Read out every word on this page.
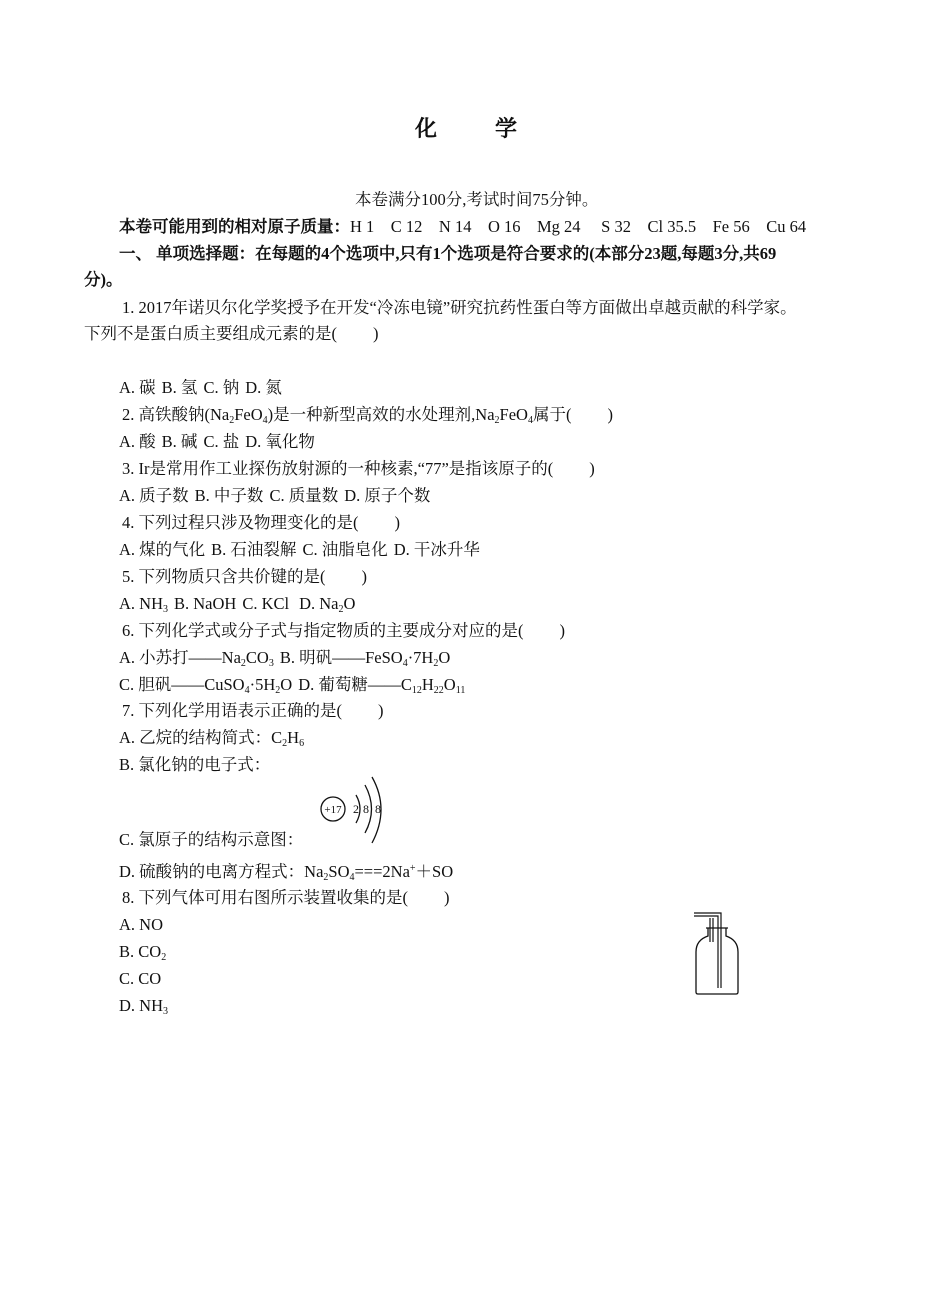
化　学
本卷满分100分,考试时间75分钟。
本卷可能用到的相对原子质量：H 1　C 12　N 14　O 16　Mg 24　 S 32　Cl 35.5　Fe 56　Cu 64
一、 单项选择题：在每题的4个选项中,只有1个选项是符合要求的(本部分23题,每题3分,共69
分)。
1. 2017年诺贝尔化学奖授予在开发“冷冻电镜”研究抗药性蛋白等方面做出卓越贡献的科学家。
下列不是蛋白质主要组成元素的是( )
A. 碳 B. 氢 C. 钠 D. 氮
2. 高铁酸钠$(Na_2FeO_4)$是一种新型高效的水处理剂$,Na_2FeO_4$属于( )
A. 酸 B. 碱 C. 盐 D. 氧化物
3. Ir是常用作工业探伤放射源的一种核素,“77”是指该原子的( )
A. 质子数 B. 中子数 C. 质量数 D. 原子个数
4. 下列过程只涉及物理变化的是( )
A. 煤的气化 B. 石油裂解 C. 油脂皂化 D. 干冰升华
5. 下列物质只含共价键的是( )
A. $NH_3$ B. NaOH C. KCl D. $Na_2O$
6. 下列化学式或分子式与指定物质的主要成分对应的是( )
A. 小苏打$——Na_2CO_3$ B. 明矾$——FeSO_4\cdot 7H_2O$
C. 胆矾$——CuSO_4\cdot 5H_2O$ D. 葡萄糖$——C_{12}H_{22}O_{11}$
7. 下列化学用语表示正确的是( )
A. 乙烷的结构简式：$C_2H_6$
B. 氯化钠的电子式：
+17 2 8 8
C. 氯原子的结构示意图：
D. 硫酸钠的电离方程式：$Na_2SO_4===2Na^++SO$
8. 下列气体可用右图所示装置收集的是( )
A. NO
B. $CO_2$
C. CO
D. $NH_3$
